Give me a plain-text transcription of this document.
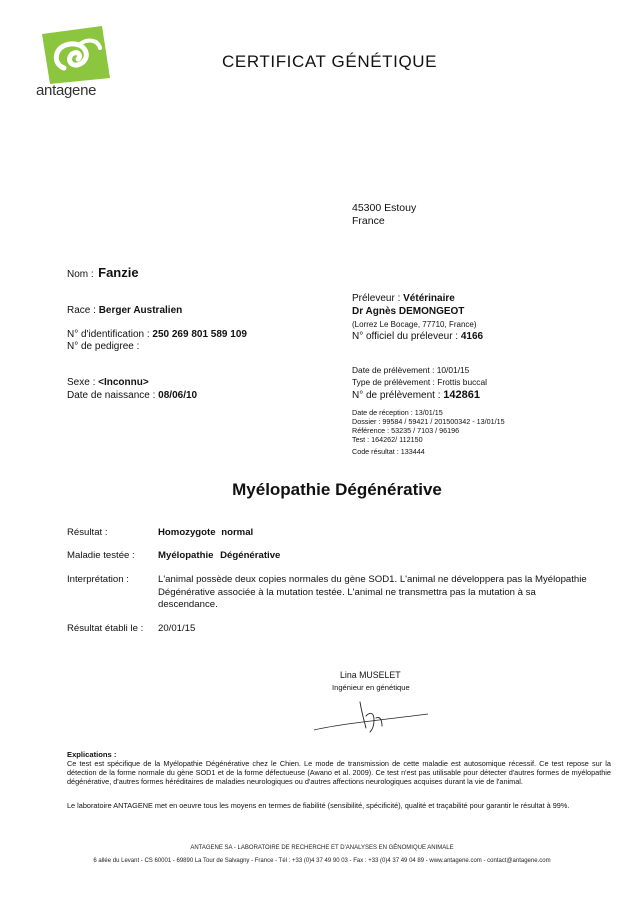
antagene
CERTIFICAT GÉNÉTIQUE
45300 Estouy
France
Nom : Fanzie
Race : Berger Australien
N° d'identification : 250 269 801 589 109
N° de pedigree :
Sexe : <Inconnu>
Date de naissance : 08/06/10
Préleveur : Vétérinaire
Dr Agnès DEMONGEOT
(Lorrez Le Bocage, 77710, France)
N° officiel du préleveur : 4166
Date de prélèvement : 10/01/15
Type de prélèvement : Frottis buccal
N° de prélèvement : 142861
Date de réception : 13/01/15
Dossier : 99584 / 59421 / 201500342 - 13/01/15
Référence : 53235 / 7103 / 96196
Test : 164262/ 112150
Code résultat : 133444
Myélopathie Dégénérative
Résultat :	Homozygote normal
Maladie testée : Myélopathie Dégénérative
Interprétation :	L'animal possède deux copies normales du gène SOD1. L'animal ne développera pas la Myélopathie Dégénérative associée à la mutation testée. L'animal ne transmettra pas la mutation à sa descendance.
Résultat établi le : 20/01/15
Lina MUSELET
Ingénieur en génétique
Explications :
Ce test est spécifique de la Myélopathie Dégénérative chez le Chien. Le mode de transmission de cette maladie est autosomique récessif. Ce test repose sur la détection de la forme normale du gène SOD1 et de la forme défectueuse (Awano et al. 2009). Ce test n'est pas utilisable pour détecter d'autres formes de myélopathie dégénérative, d'autres formes héréditaires de maladies neurologiques ou d'autres affections neurologiques acquises durant la vie de l'animal.
Le laboratoire ANTAGENE met en oeuvre tous les moyens en termes de fiabilité (sensibilité, spécificité), qualité et traçabilité pour garantir le résultat à 99%.
ANTAGENE SA - LABORATOIRE DE RECHERCHE ET D'ANALYSES EN GÉNOMIQUE ANIMALE
6 allée du Levant - CS 60001 - 69890 La Tour de Salvagny - France - Tél : +33 (0)4 37 49 90 03 - Fax : +33 (0)4 37 49 04 89 - www.antagene.com - contact@antagene.com
